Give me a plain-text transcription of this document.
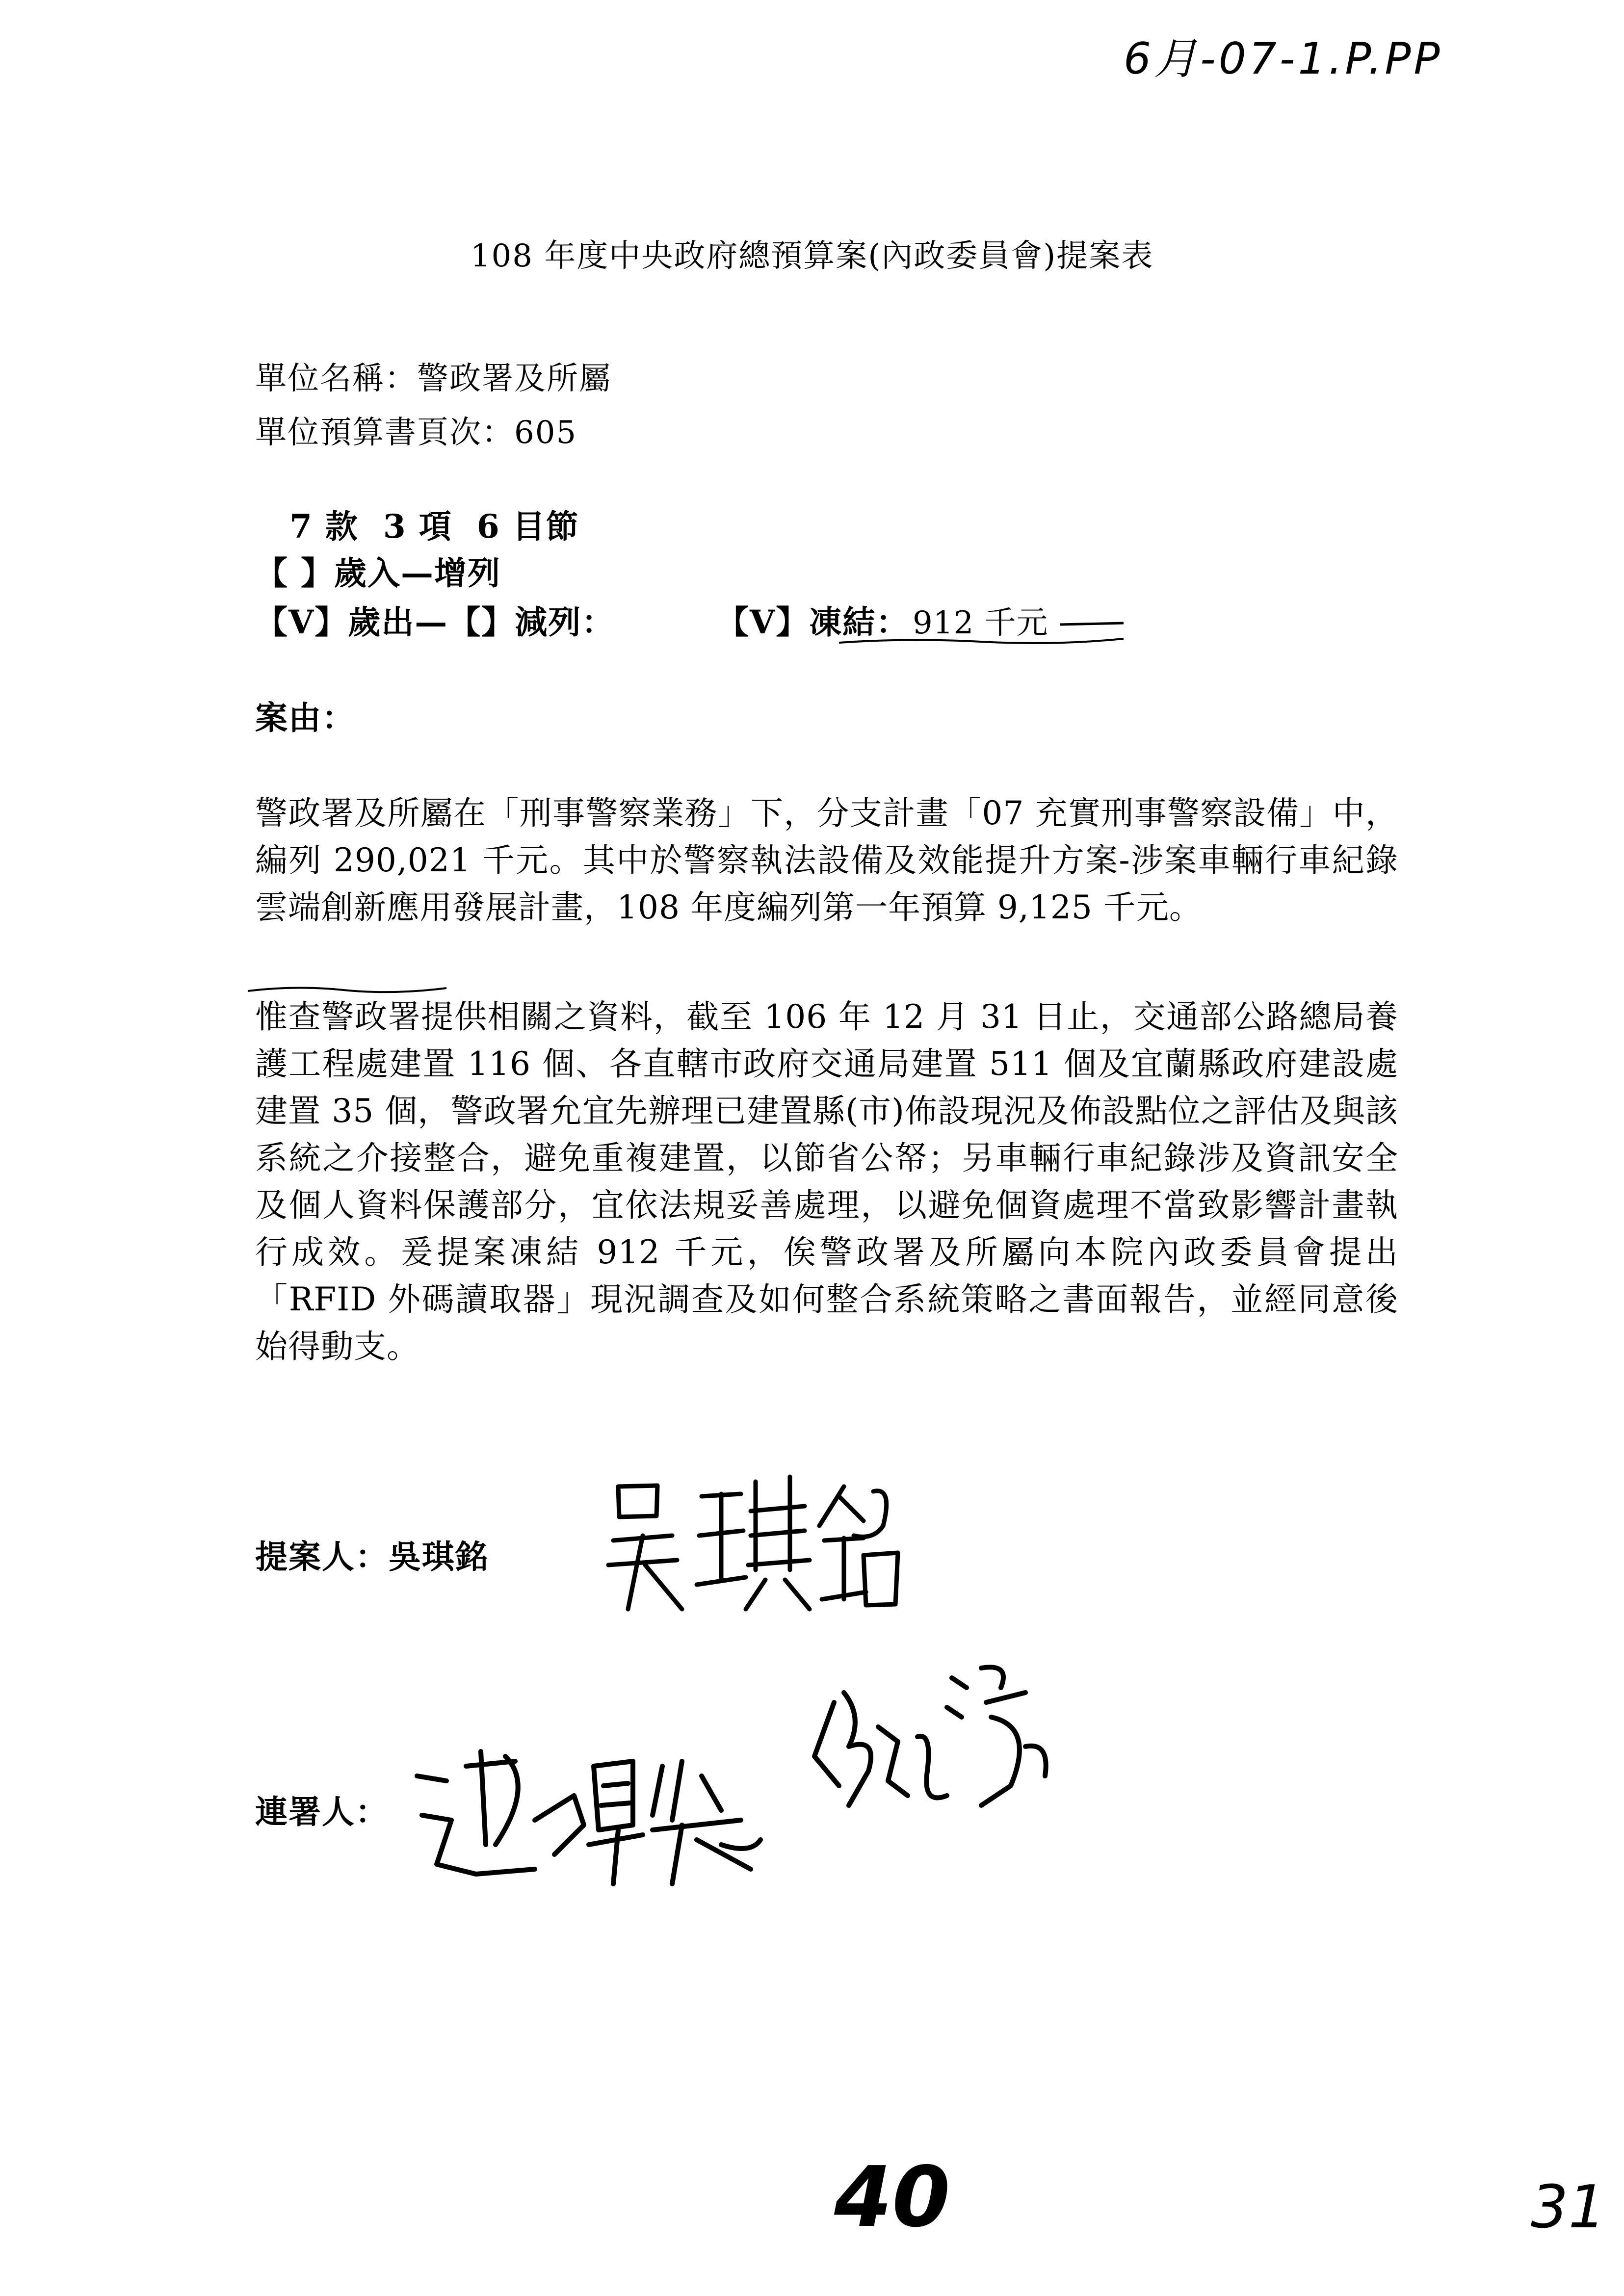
6月-07-1.P.PP
108 年度中央政府總預算案(內政委員會)提案表
單位名稱：警政署及所屬
單位預算書頁次：605
7 款  3 項  6 目節
【 】歲入—增列
【V】歲出—【】減列：	【V】凍結： 912 千元
案由：

警政署及所屬在「刑事警察業務」下，分支計畫「07 充實刑事警察設備」中，編列 290,021 千元。其中於警察執法設備及效能提升方案-涉案車輛行車紀錄雲端創新應用發展計畫，108 年度編列第一年預算 9,125 千元。

惟查警政署提供相關之資料，截至 106 年 12 月 31 日止，交通部公路總局養護工程處建置 116 個、各直轄市政府交通局建置 511 個及宜蘭縣政府建設處建置 35 個，警政署允宜先辦理已建置縣(市)佈設現況及佈設點位之評估及與該系統之介接整合，避免重複建置，以節省公帑；另車輛行車紀錄涉及資訊安全及個人資料保護部分，宜依法規妥善處理，以避免個資處理不當致影響計畫執行成效。爰提案凍結 912 千元，俟警政署及所屬向本院內政委員會提出「RFID 外碼讀取器」現況調查及如何整合系統策略之書面報告，並經同意後始得動支。

提案人：吳琪銘
連署人：
40	31
